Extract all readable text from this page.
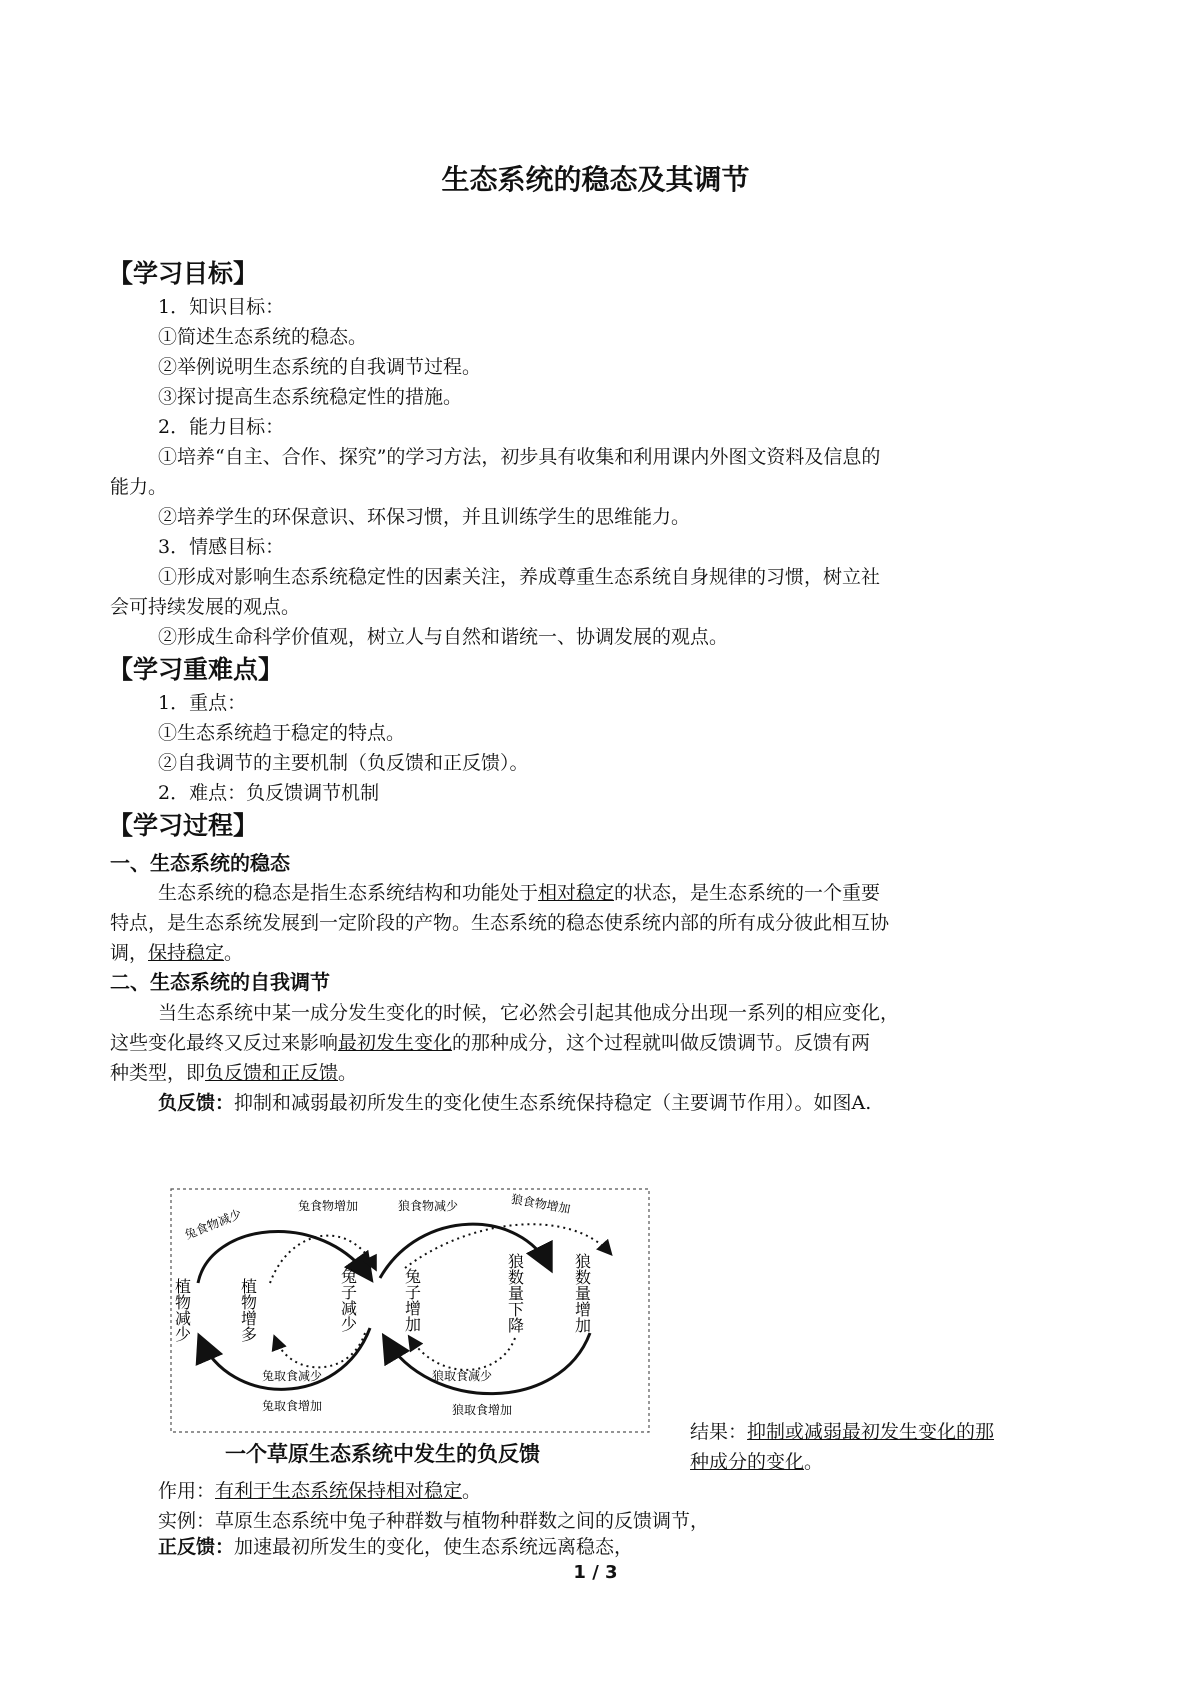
生态系统的稳态及其调节
【学习目标】
1．知识目标：
①简述生态系统的稳态。
②举例说明生态系统的自我调节过程。
③探讨提高生态系统稳定性的措施。
2．能力目标：
①培养“自主、合作、探究”的学习方法，初步具有收集和利用课内外图文资料及信息的
能力。
②培养学生的环保意识、环保习惯，并且训练学生的思维能力。
3．情感目标：
①形成对影响生态系统稳定性的因素关注，养成尊重生态系统自身规律的习惯，树立社
会可持续发展的观点。
②形成生命科学价值观，树立人与自然和谐统一、协调发展的观点。
【学习重难点】
1．重点：
①生态系统趋于稳定的特点。
②自我调节的主要机制（负反馈和正反馈）。
2．难点：负反馈调节机制
【学习过程】
一、生态系统的稳态
生态系统的稳态是指生态系统结构和功能处于相对稳定的状态，是生态系统的一个重要
特点，是生态系统发展到一定阶段的产物。生态系统的稳态使系统内部的所有成分彼此相互协
调，保持稳定。
二、生态系统的自我调节
当生态系统中某一成分发生变化的时候，它必然会引起其他成分出现一系列的相应变化，
这些变化最终又反过来影响最初发生变化的那种成分，这个过程就叫做反馈调节。反馈有两
种类型，即负反馈和正反馈。
负反馈：抑制和减弱最初所发生的变化使生态系统保持稳定（主要调节作用）。如图A.
兔食物减少
兔食物增加	狼食物减少	狼食物增加
植物减少	植物增多	兔子减少	兔子增加	狼数量下降	狼数量增加
兔取食减少
兔取食增加
狼取食减少
狼取食增加
一个草原生态系统中发生的负反馈
结果：抑制或减弱最初发生变化的那
种成分的变化。
作用：有利于生态系统保持相对稳定。
实例：草原生态系统中兔子种群数与植物种群数之间的反馈调节，
正反馈：加速最初所发生的变化，使生态系统远离稳态，
1 / 3
